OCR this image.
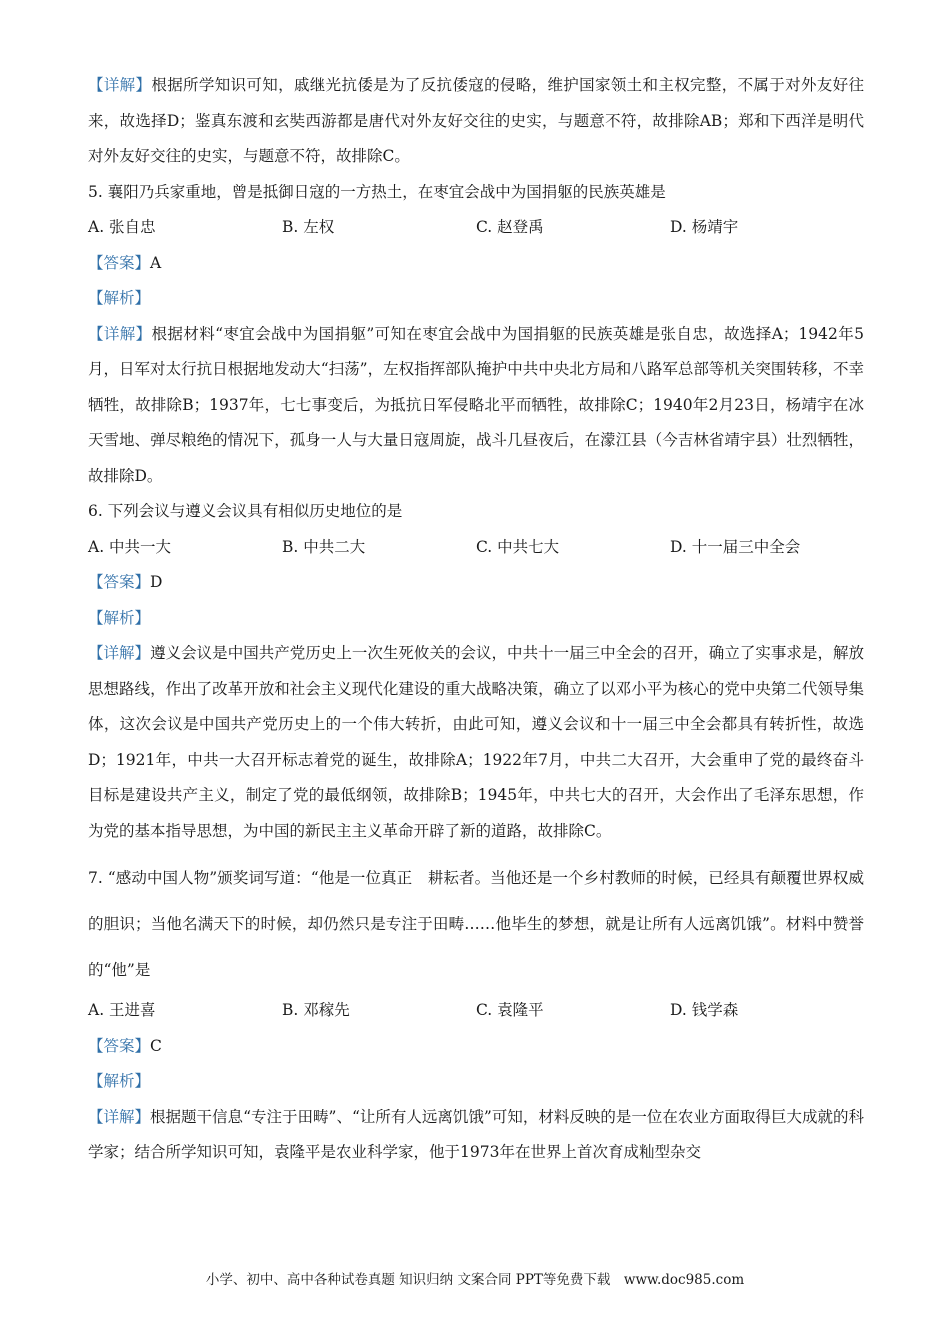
【详解】根据所学知识可知，戚继光抗倭是为了反抗倭寇的侵略，维护国家领土和主权完整，不属于对外友好往来，故选择D；鉴真东渡和玄奘西游都是唐代对外友好交往的史实，与题意不符，故排除AB；郑和下西洋是明代对外友好交往的史实，与题意不符，故排除C。

5. 襄阳乃兵家重地，曾是抵御日寇的一方热土，在枣宜会战中为国捐躯的民族英雄是

A. 张自忠	B. 左权	C. 赵登禹	D. 杨靖宇

【答案】A

【解析】

【详解】根据材料“枣宜会战中为国捐躯”可知在枣宜会战中为国捐躯的民族英雄是张自忠，故选择A；1942年5月，日军对太行抗日根据地发动大“扫荡”，左权指挥部队掩护中共中央北方局和八路军总部等机关突围转移，不幸牺牲，故排除B；1937年，七七事变后，为抵抗日军侵略北平而牺牲，故排除C；1940年2月23日，杨靖宇在冰天雪地、弹尽粮绝的情况下，孤身一人与大量日寇周旋，战斗几昼夜后，在濛江县（今吉林省靖宇县）壮烈牺牲，故排除D。

6. 下列会议与遵义会议具有相似历史地位的是

A. 中共一大	B. 中共二大	C. 中共七大	D. 十一届三中全会

【答案】D

【解析】

【详解】遵义会议是中国共产党历史上一次生死攸关的会议，中共十一届三中全会的召开，确立了实事求是，解放思想路线，作出了改革开放和社会主义现代化建设的重大战略决策，确立了以邓小平为核心的党中央第二代领导集体，这次会议是中国共产党历史上的一个伟大转折，由此可知，遵义会议和十一届三中全会都具有转折性，故选D；1921年，中共一大召开标志着党的诞生，故排除A；1922年7月，中共二大召开，大会重申了党的最终奋斗目标是建设共产主义，制定了党的最低纲领，故排除B；1945年，中共七大的召开，大会作出了毛泽东思想，作为党的基本指导思想，为中国的新民主主义革命开辟了新的道路，故排除C。

7. “感动中国人物”颁奖词写道：“他是一位真正　耕耘者。当他还是一个乡村教师的时候，已经具有颠覆世界权威的胆识；当他名满天下的时候，却仍然只是专注于田畴……他毕生的梦想，就是让所有人远离饥饿”。材料中赞誉的“他”是

A. 王进喜	B. 邓稼先	C. 袁隆平	D. 钱学森

【答案】C

【解析】

【详解】根据题干信息“专注于田畴”、“让所有人远离饥饿”可知，材料反映的是一位在农业方面取得巨大成就的科学家；结合所学知识可知，袁隆平是农业科学家，他于1973年在世界上首次育成籼型杂交

小学、初中、高中各种试卷真题 知识归纳 文案合同 PPT等免费下载　www.doc985.com
